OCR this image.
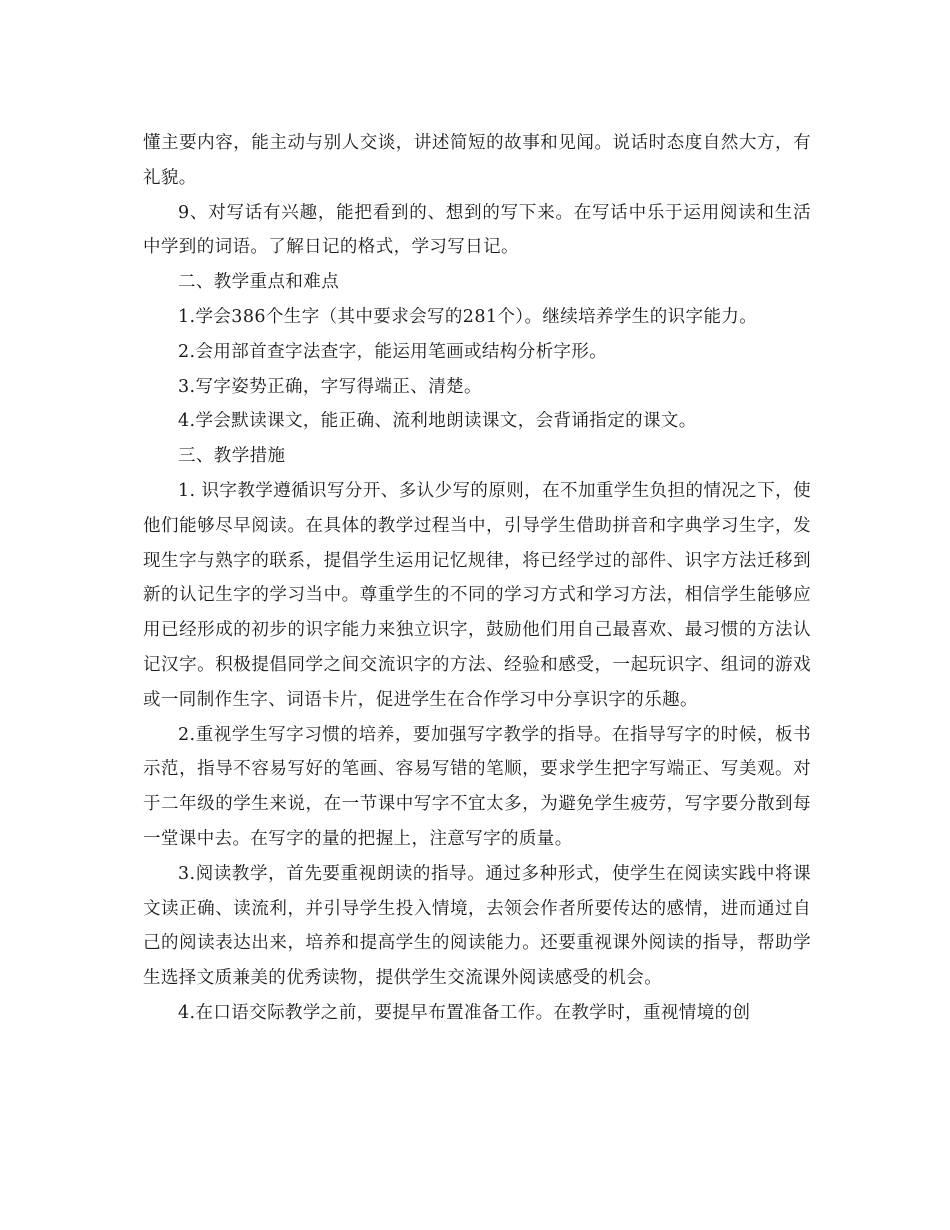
懂主要内容，能主动与别人交谈，讲述简短的故事和见闻。说话时态度自然大方，有礼貌。

9、对写话有兴趣，能把看到的、想到的写下来。在写话中乐于运用阅读和生活中学到的词语。了解日记的格式，学习写日记。

二、教学重点和难点

1.学会386个生字（其中要求会写的281个）。继续培养学生的识字能力。

2.会用部首查字法查字，能运用笔画或结构分析字形。

3.写字姿势正确，字写得端正、清楚。

4.学会默读课文，能正确、流利地朗读课文，会背诵指定的课文。

三、教学措施

1. 识字教学遵循识写分开、多认少写的原则，在不加重学生负担的情况之下，使他们能够尽早阅读。在具体的教学过程当中，引导学生借助拼音和字典学习生字，发现生字与熟字的联系，提倡学生运用记忆规律，将已经学过的部件、识字方法迁移到新的认记生字的学习当中。尊重学生的不同的学习方式和学习方法，相信学生能够应用已经形成的初步的识字能力来独立识字，鼓励他们用自己最喜欢、最习惯的方法认记汉字。积极提倡同学之间交流识字的方法、经验和感受，一起玩识字、组词的游戏或一同制作生字、词语卡片，促进学生在合作学习中分享识字的乐趣。

2.重视学生写字习惯的培养，要加强写字教学的指导。在指导写字的时候，板书示范，指导不容易写好的笔画、容易写错的笔顺，要求学生把字写端正、写美观。对于二年级的学生来说，在一节课中写字不宜太多，为避免学生疲劳，写字要分散到每一堂课中去。在写字的量的把握上，注意写字的质量。

3.阅读教学，首先要重视朗读的指导。通过多种形式，使学生在阅读实践中将课文读正确、读流利，并引导学生投入情境，去领会作者所要传达的感情，进而通过自己的阅读表达出来，培养和提高学生的阅读能力。还要重视课外阅读的指导，帮助学生选择文质兼美的优秀读物，提供学生交流课外阅读感受的机会。

4.在口语交际教学之前，要提早布置准备工作。在教学时，重视情境的创
